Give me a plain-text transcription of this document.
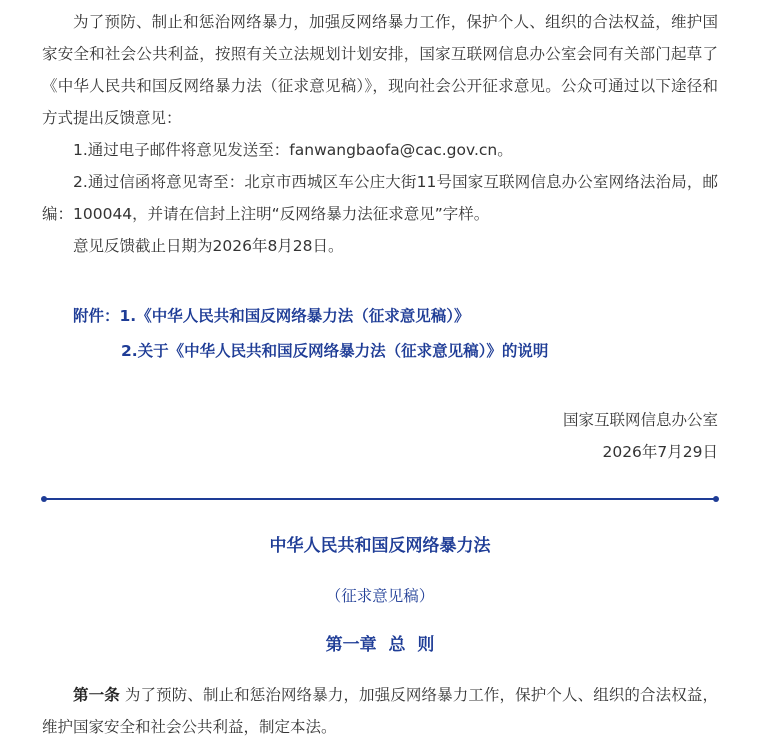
为了预防、制止和惩治网络暴力，加强反网络暴力工作，保护个人、组织的合法权益，维护国家安全和社会公共利益，按照有关立法规划计划安排，国家互联网信息办公室会同有关部门起草了《中华人民共和国反网络暴力法（征求意见稿）》，现向社会公开征求意见。公众可通过以下途径和方式提出反馈意见：

1.通过电子邮件将意见发送至：fanwangbaofa@cac.gov.cn。

2.通过信函将意见寄至：北京市西城区车公庄大街11号国家互联网信息办公室网络法治局，邮编：100044，并请在信封上注明“反网络暴力法征求意见”字样。

意见反馈截止日期为2026年8月28日。

附件：1.《中华人民共和国反网络暴力法（征求意见稿）》

2.关于《中华人民共和国反网络暴力法（征求意见稿）》的说明

国家互联网信息办公室

2026年7月29日

中华人民共和国反网络暴力法

（征求意见稿）

第一章  总  则

第一条 为了预防、制止和惩治网络暴力，加强反网络暴力工作，保护个人、组织的合法权益，维护国家安全和社会公共利益，制定本法。
